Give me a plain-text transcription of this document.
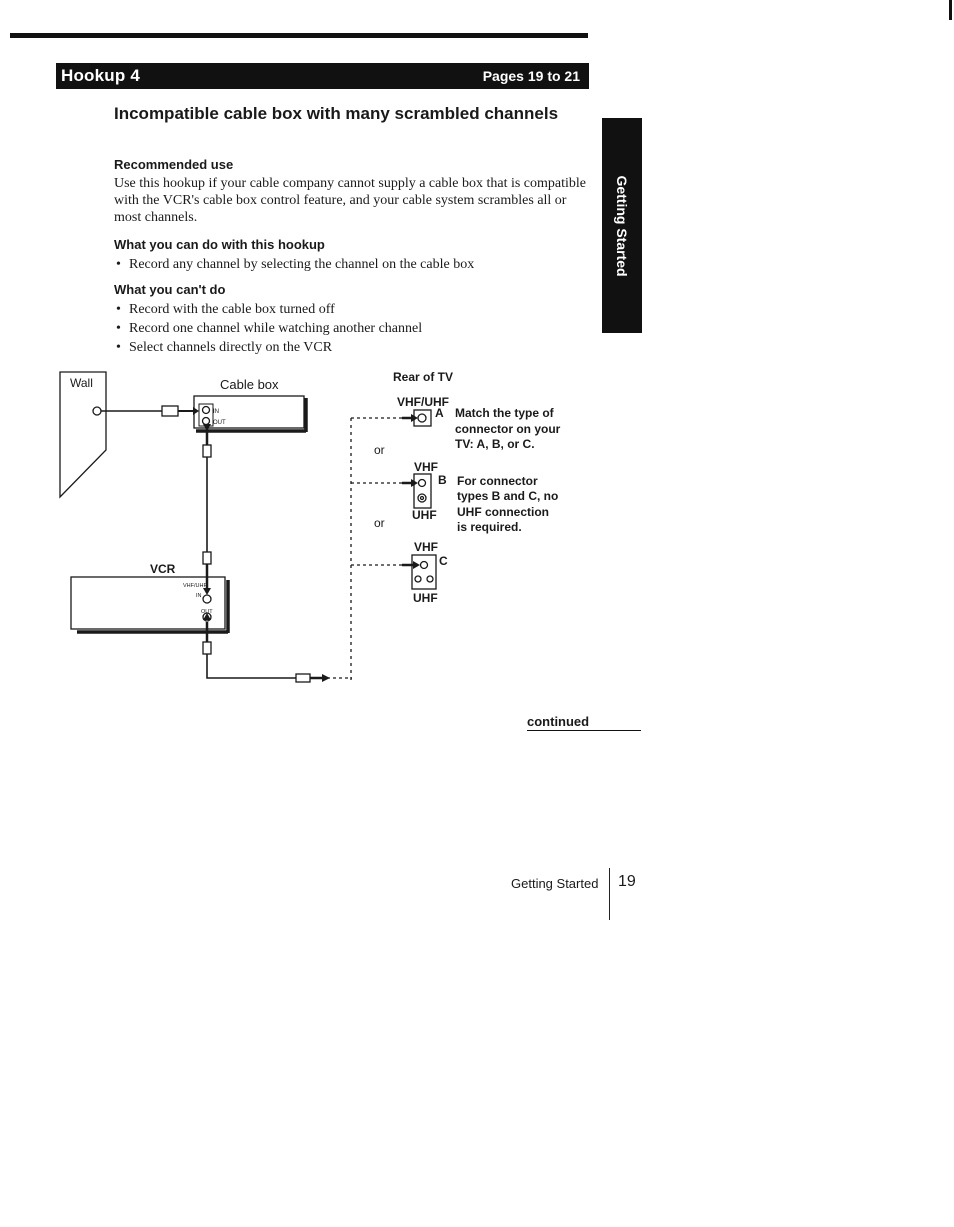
Hookup 4	Pages 19 to 21
Incompatible cable box with many scrambled channels
Recommended use
Use this hookup if your cable company cannot supply a cable box that is compatible with the VCR's cable box control feature, and your cable system scrambles all or most channels.
What you can do with this hookup
• Record any channel by selecting the channel on the cable box
What you can't do
• Record with the cable box turned off
• Record one channel while watching another channel
• Select channels directly on the VCR
Getting Started
Wall	Cable box
IN
OUT
VCR
VHF/UHF
IN
OUT
Rear of TV
VHF/UHF
A Match the type of
connector on your
TV: A, B, or C.
or
VHF
B
UHF
For connector
types B and C, no
UHF connection
is required.
or
VHF
C
UHF
continued
Getting Started 19
